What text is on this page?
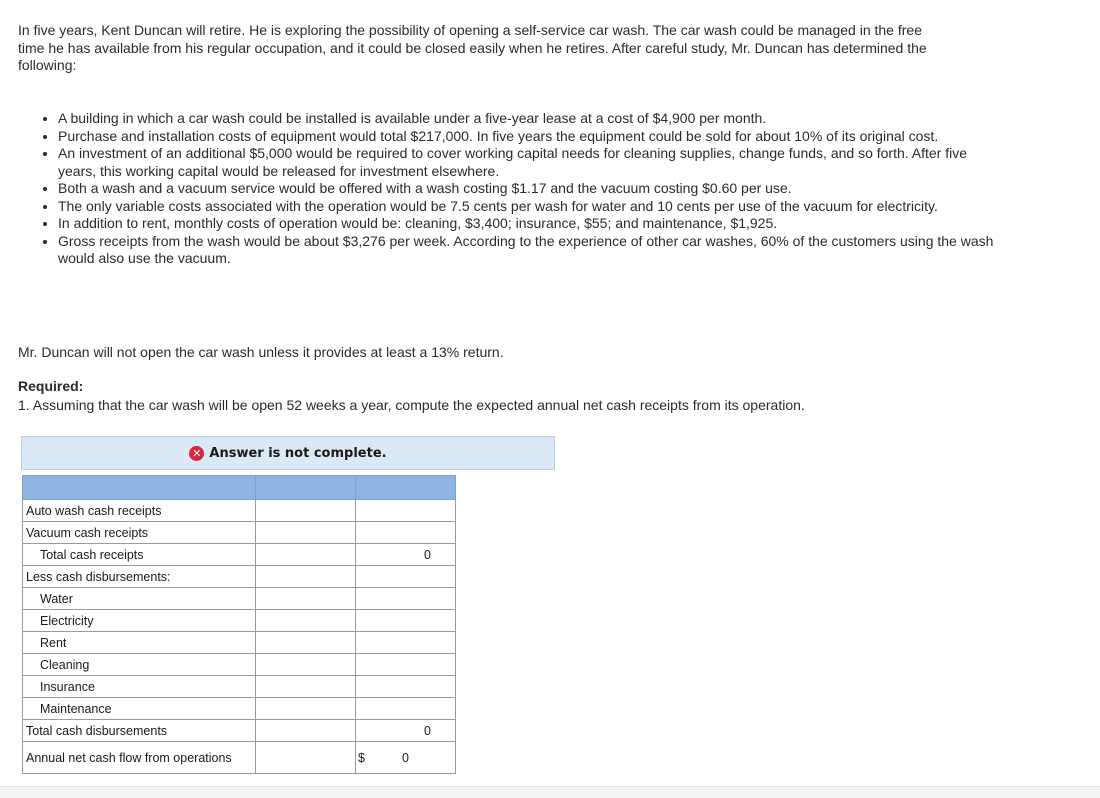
In five years, Kent Duncan will retire. He is exploring the possibility of opening a self-service car wash. The car wash could be managed in the free time he has available from his regular occupation, and it could be closed easily when he retires. After careful study, Mr. Duncan has determined the following:

• A building in which a car wash could be installed is available under a five-year lease at a cost of $4,900 per month.
• Purchase and installation costs of equipment would total $217,000. In five years the equipment could be sold for about 10% of its original cost.
• An investment of an additional $5,000 would be required to cover working capital needs for cleaning supplies, change funds, and so forth. After five years, this working capital would be released for investment elsewhere.
• Both a wash and a vacuum service would be offered with a wash costing $1.17 and the vacuum costing $0.60 per use.
• The only variable costs associated with the operation would be 7.5 cents per wash for water and 10 cents per use of the vacuum for electricity.
• In addition to rent, monthly costs of operation would be: cleaning, $3,400; insurance, $55; and maintenance, $1,925.
• Gross receipts from the wash would be about $3,276 per week. According to the experience of other car washes, 60% of the customers using the wash would also use the vacuum.

Mr. Duncan will not open the car wash unless it provides at least a 13% return.

Required:

1. Assuming that the car wash will be open 52 weeks a year, compute the expected annual net cash receipts from its operation.

✕ Answer is not complete.

Auto wash cash receipts		
Vacuum cash receipts		
Total cash receipts		0
Less cash disbursements:		
Water		
Electricity		
Rent		
Cleaning		
Insurance		
Maintenance		
Total cash disbursements		0
Annual net cash flow from operations		$ 0
